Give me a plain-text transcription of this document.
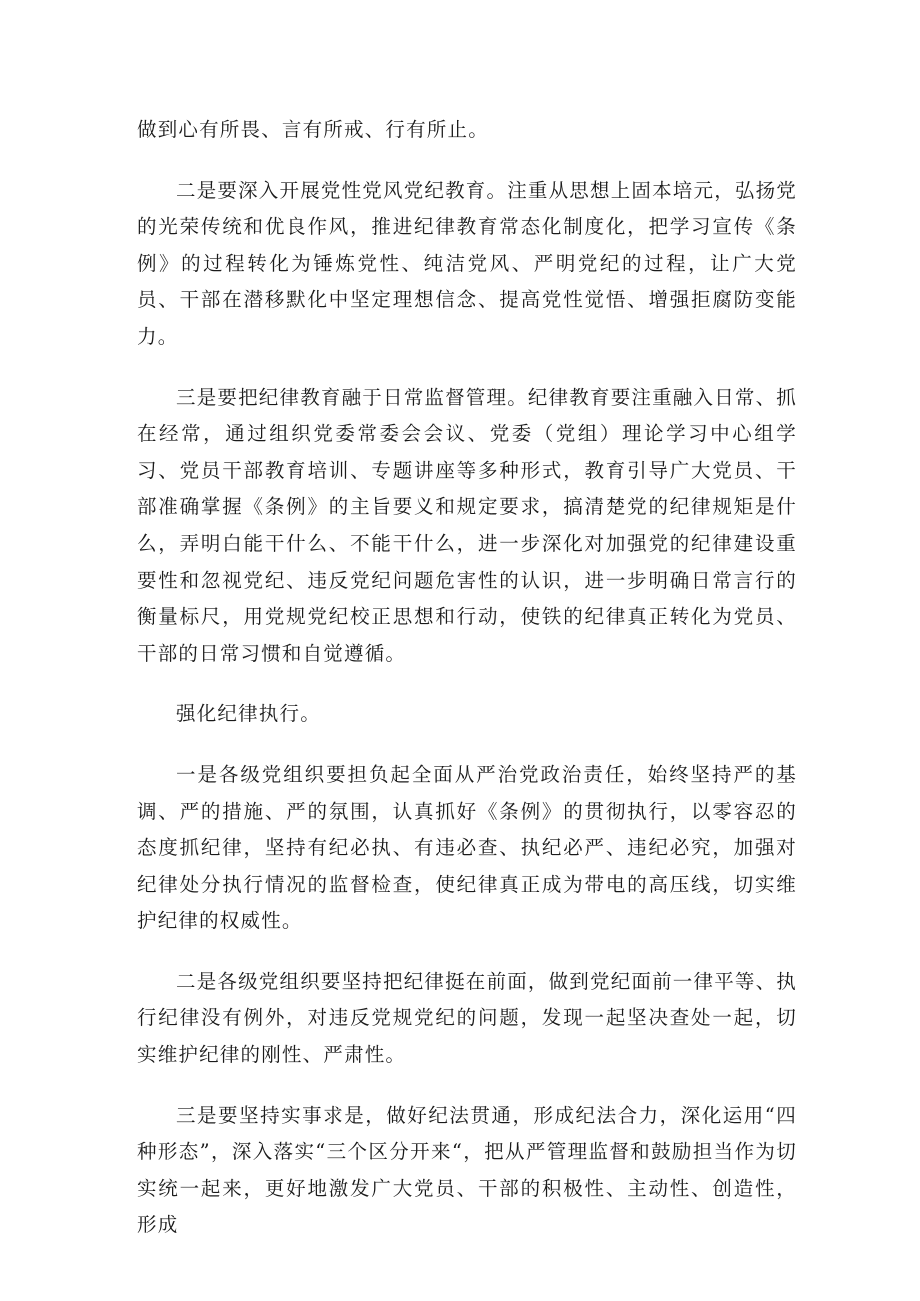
做到心有所畏、言有所戒、行有所止。

二是要深入开展党性党风党纪教育。注重从思想上固本培元，弘扬党的光荣传统和优良作风，推进纪律教育常态化制度化，把学习宣传《条例》的过程转化为锤炼党性、纯洁党风、严明党纪的过程，让广大党员、干部在潜移默化中坚定理想信念、提高党性觉悟、增强拒腐防变能力。

三是要把纪律教育融于日常监督管理。纪律教育要注重融入日常、抓在经常，通过组织党委常委会会议、党委（党组）理论学习中心组学习、党员干部教育培训、专题讲座等多种形式，教育引导广大党员、干部准确掌握《条例》的主旨要义和规定要求，搞清楚党的纪律规矩是什么，弄明白能干什么、不能干什么，进一步深化对加强党的纪律建设重要性和忽视党纪、违反党纪问题危害性的认识，进一步明确日常言行的衡量标尺，用党规党纪校正思想和行动，使铁的纪律真正转化为党员、干部的日常习惯和自觉遵循。

强化纪律执行。

一是各级党组织要担负起全面从严治党政治责任，始终坚持严的基调、严的措施、严的氛围，认真抓好《条例》的贯彻执行，以零容忍的态度抓纪律，坚持有纪必执、有违必查、执纪必严、违纪必究，加强对纪律处分执行情况的监督检查，使纪律真正成为带电的高压线，切实维护纪律的权威性。

二是各级党组织要坚持把纪律挺在前面，做到党纪面前一律平等、执行纪律没有例外，对违反党规党纪的问题，发现一起坚决查处一起，切实维护纪律的刚性、严肃性。

三是要坚持实事求是，做好纪法贯通，形成纪法合力，深化运用“四种形态”，深入落实“三个区分开来“，把从严管理监督和鼓励担当作为切实统一起来，更好地激发广大党员、干部的积极性、主动性、创造性，形成
